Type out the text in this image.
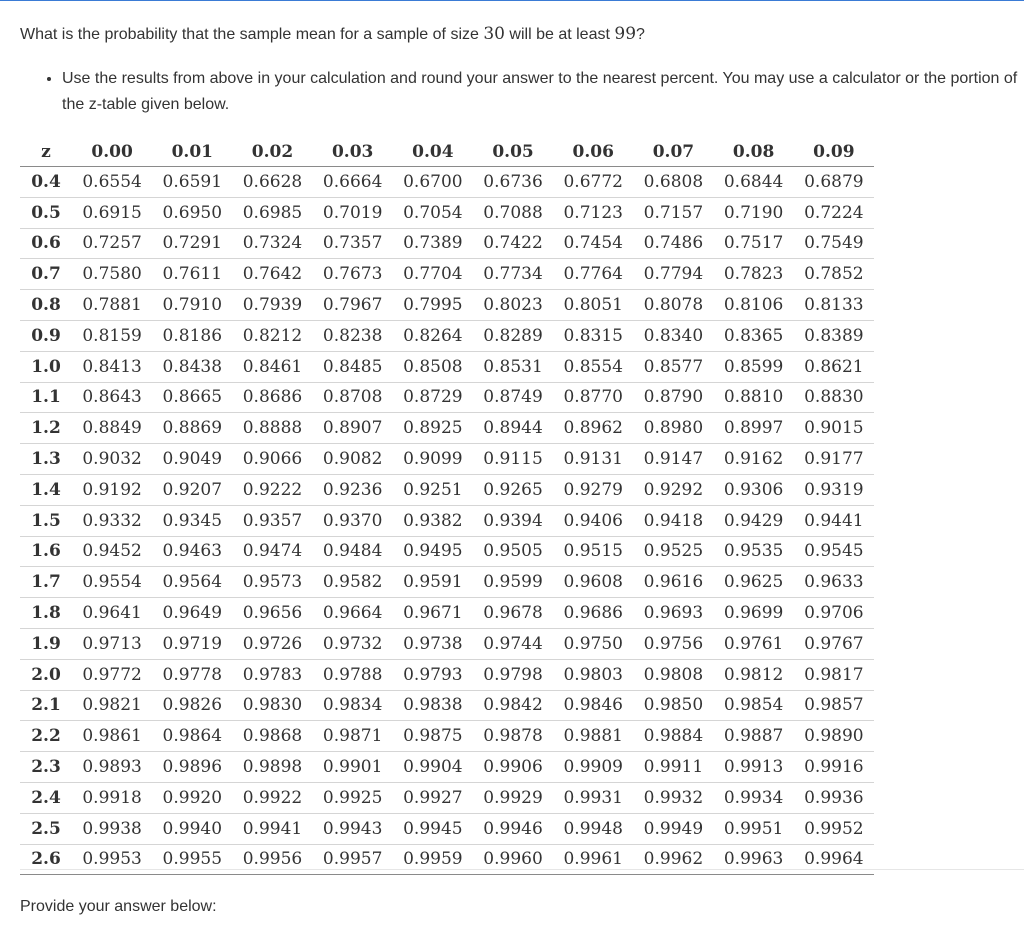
What is the probability that the sample mean for a sample of size 30 will be at least 99?
• Use the results from above in your calculation and round your answer to the nearest percent. You may use a calculator or the portion of the z-table given below.
z	0.00	0.01	0.02	0.03	0.04	0.05	0.06	0.07	0.08	0.09
0.4	0.6554	0.6591	0.6628	0.6664	0.6700	0.6736	0.6772	0.6808	0.6844	0.6879
0.5	0.6915	0.6950	0.6985	0.7019	0.7054	0.7088	0.7123	0.7157	0.7190	0.7224
0.6	0.7257	0.7291	0.7324	0.7357	0.7389	0.7422	0.7454	0.7486	0.7517	0.7549
0.7	0.7580	0.7611	0.7642	0.7673	0.7704	0.7734	0.7764	0.7794	0.7823	0.7852
0.8	0.7881	0.7910	0.7939	0.7967	0.7995	0.8023	0.8051	0.8078	0.8106	0.8133
0.9	0.8159	0.8186	0.8212	0.8238	0.8264	0.8289	0.8315	0.8340	0.8365	0.8389
1.0	0.8413	0.8438	0.8461	0.8485	0.8508	0.8531	0.8554	0.8577	0.8599	0.8621
1.1	0.8643	0.8665	0.8686	0.8708	0.8729	0.8749	0.8770	0.8790	0.8810	0.8830
1.2	0.8849	0.8869	0.8888	0.8907	0.8925	0.8944	0.8962	0.8980	0.8997	0.9015
1.3	0.9032	0.9049	0.9066	0.9082	0.9099	0.9115	0.9131	0.9147	0.9162	0.9177
1.4	0.9192	0.9207	0.9222	0.9236	0.9251	0.9265	0.9279	0.9292	0.9306	0.9319
1.5	0.9332	0.9345	0.9357	0.9370	0.9382	0.9394	0.9406	0.9418	0.9429	0.9441
1.6	0.9452	0.9463	0.9474	0.9484	0.9495	0.9505	0.9515	0.9525	0.9535	0.9545
1.7	0.9554	0.9564	0.9573	0.9582	0.9591	0.9599	0.9608	0.9616	0.9625	0.9633
1.8	0.9641	0.9649	0.9656	0.9664	0.9671	0.9678	0.9686	0.9693	0.9699	0.9706
1.9	0.9713	0.9719	0.9726	0.9732	0.9738	0.9744	0.9750	0.9756	0.9761	0.9767
2.0	0.9772	0.9778	0.9783	0.9788	0.9793	0.9798	0.9803	0.9808	0.9812	0.9817
2.1	0.9821	0.9826	0.9830	0.9834	0.9838	0.9842	0.9846	0.9850	0.9854	0.9857
2.2	0.9861	0.9864	0.9868	0.9871	0.9875	0.9878	0.9881	0.9884	0.9887	0.9890
2.3	0.9893	0.9896	0.9898	0.9901	0.9904	0.9906	0.9909	0.9911	0.9913	0.9916
2.4	0.9918	0.9920	0.9922	0.9925	0.9927	0.9929	0.9931	0.9932	0.9934	0.9936
2.5	0.9938	0.9940	0.9941	0.9943	0.9945	0.9946	0.9948	0.9949	0.9951	0.9952
2.6	0.9953	0.9955	0.9956	0.9957	0.9959	0.9960	0.9961	0.9962	0.9963	0.9964
Provide your answer below:
